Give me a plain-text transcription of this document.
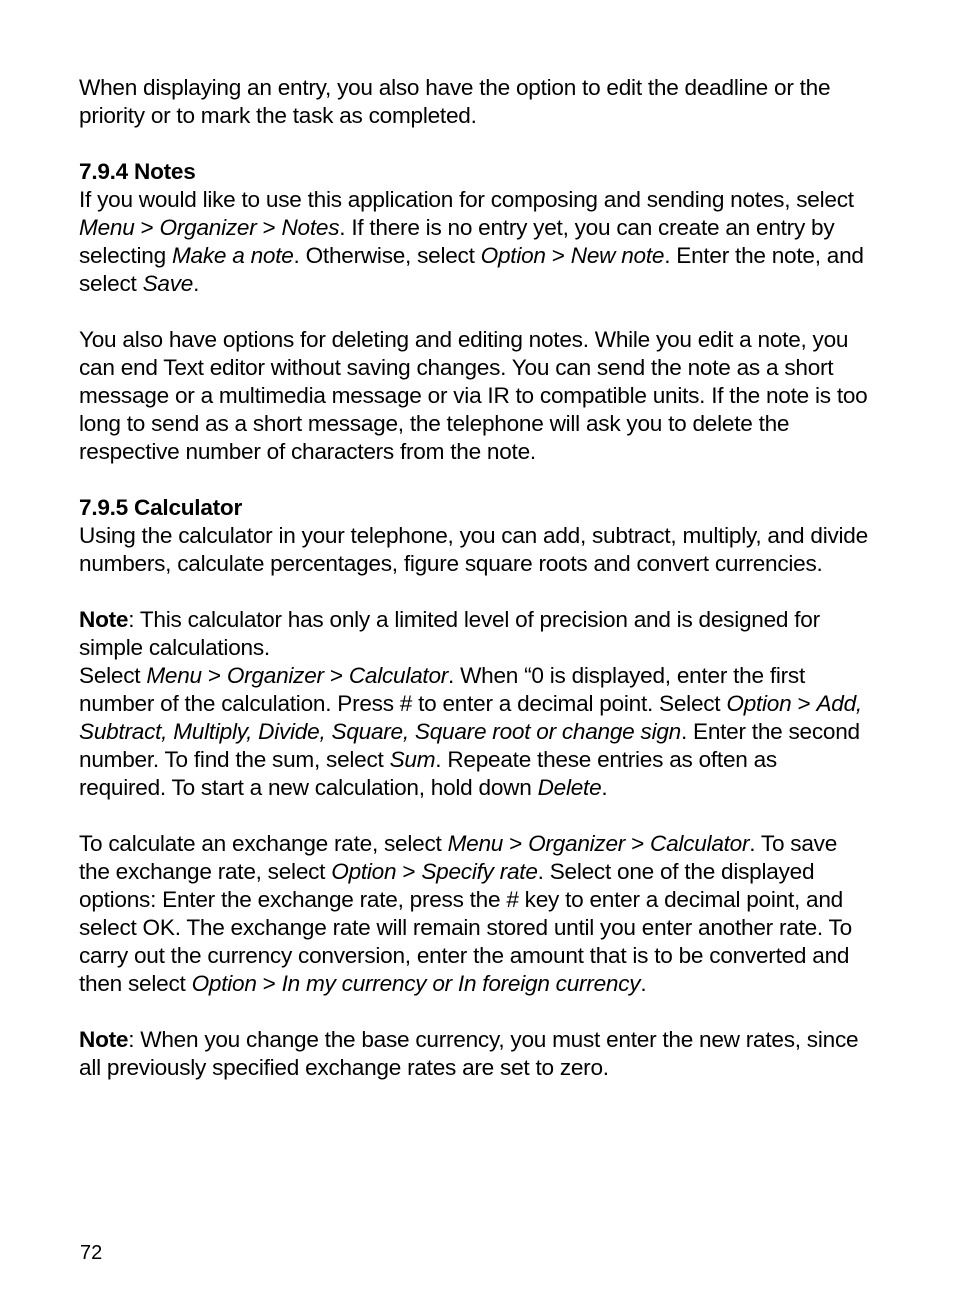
When displaying an entry, you also have the option to edit the deadline or the priority or to mark the task as completed.

7.9.4 Notes

If you would like to use this application for composing and sending notes, select Menu > Organizer > Notes. If there is no entry yet, you can create an entry by selecting Make a note. Otherwise, select Option > New note. Enter the note, and select Save.

You also have options for deleting and editing notes. While you edit a note, you can end Text editor without saving changes. You can send the note as a short message or a multimedia message or via IR to compatible units. If the note is too long to send as a short message, the telephone will ask you to delete the respective number of characters from the note.

7.9.5 Calculator

Using the calculator in your telephone, you can add, subtract, multiply, and divide numbers, calculate percentages, figure square roots and convert currencies.

Note: This calculator has only a limited level of precision and is designed for simple calculations.

Select Menu > Organizer > Calculator. When “0 is displayed, enter the first number of the calculation. Press # to enter a decimal point. Select Option > Add, Subtract, Multiply, Divide, Square, Square root or change sign. Enter the second number. To find the sum, select Sum. Repeate these entries as often as required. To start a new calculation, hold down Delete.

To calculate an exchange rate, select Menu > Organizer > Calculator. To save the exchange rate, select Option > Specify rate. Select one of the displayed options: Enter the exchange rate, press the # key to enter a decimal point, and select OK. The exchange rate will remain stored until you enter another rate. To carry out the currency conversion, enter the amount that is to be converted and then select Option > In my currency or In foreign currency.

Note: When you change the base currency, you must enter the new rates, since all previously specified exchange rates are set to zero.

72
